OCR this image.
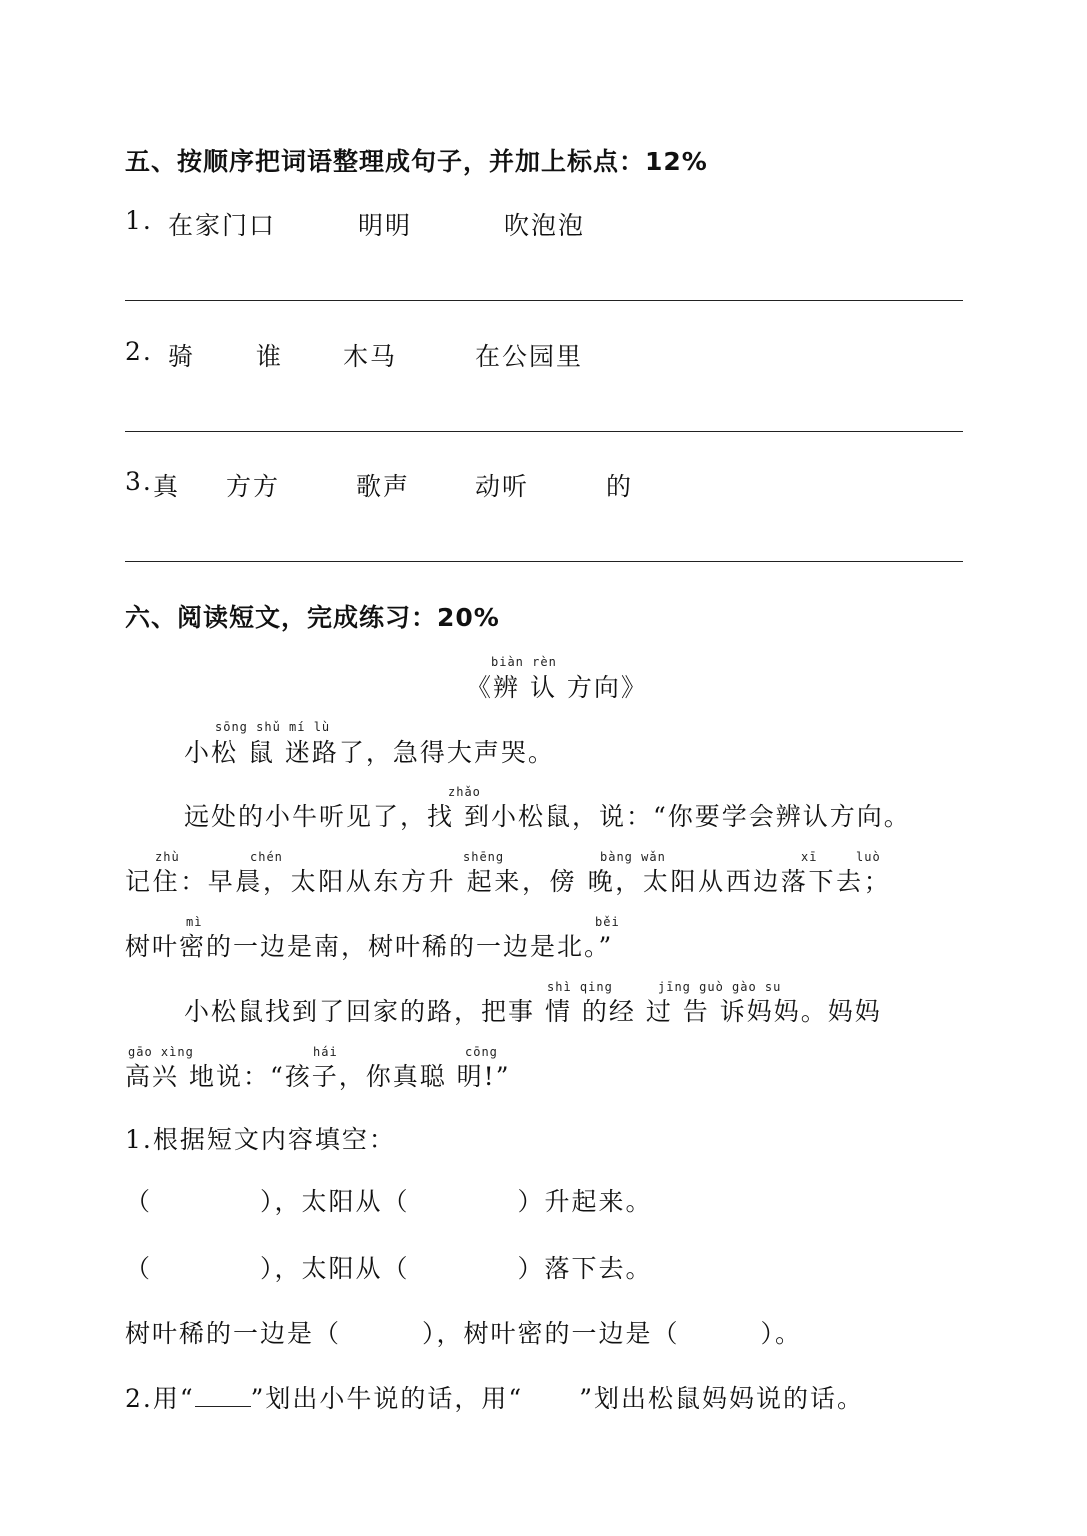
五、按顺序把词语整理成句子，并加上标点：12%
1. 在家门口	明明	吹泡泡
2. 骑 谁 木马	在公园里
3. 真 方方	歌声	动听	的
六、阅读短文，完成练习：20%
biàn rèn
《辨 认 方向》
sōng shǔ mí lù
小松 鼠 迷路了，急得大声哭。
zhǎo
远处的小牛听见了，找 到小松鼠，说：“你要学会辨认方向。
zhù	chén	shēng	bàng wǎn	xī	luò
记住：早晨，太阳从东方升 起来，傍 晚，太阳从西边落下去；
mì	běi
树叶密的一边是南，树叶稀的一边是北。”
shì qing	jīng guò gào su
小松鼠找到了回家的路，把事 情 的经 过 告 诉妈妈。妈妈
gāo xìng	hái	cōng
高兴 地说：“孩子，你真聪 明!”
1.根据短文内容填空：
（　　　　），太阳从（　　　　）升起来。
（　　　　），太阳从（　　　　）落下去。
树叶稀的一边是（　　　），树叶密的一边是（　　　）。
2.用“ ”划出小牛说的话，用“ ”划出松鼠妈妈说的话。
